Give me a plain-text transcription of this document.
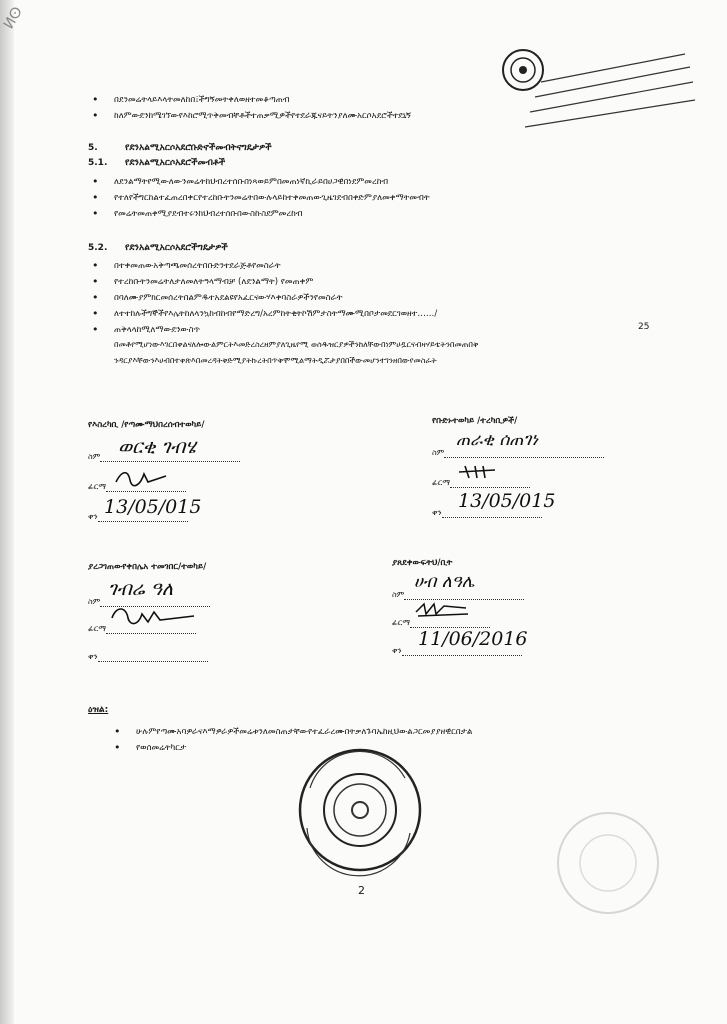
ⵍⵙ
• በደንመሬትላይእላትመለከበ፤ችግኝመትቀለወዘተመቆጣጠብ
• ከለምውደንከሜገኘውየእከሮሚጥቅመብቸቶችተጠቃሚዎችየተደራጁናይትንያለሙአርሶአደሮችተደኒኝ
5.	የደንአልሚአርሶአደሮቡድኖችመብትናግዴታዎች
5.1. የደንአልሚአርሶአደሮችመብቶች
• ለደንልማትየሚውለውንመሬትከህብረተሰቡበነጻወይምበመጠነኛኪራይበሀጋዊበነደምመረከብ
• የተለየችግርከልተፈጠረበቀርየተረከቡትንመሬትበውሉላይከተቀመጠውጊዜገደብበቀድምያለመቀማትመብት
• የመሬትመጠቀሚያደብተሩንከህብረተሰቡበውስኩስደምመረከብ
5.2. የደንአልሚአርሶአደሮችግዴታዎች
• በተቀመጠውአቅጣጫመሰረትበቡድንተደራጅቶየመስራት
• የተረከቡትንመሬትለታለመለትዓላማብቻ (ለደንልማት) የመጠቀም
• በባለሙያምክርመሰረትበልምዱተአደልዩየአፈርናውሃእቀባስራዎችንየመስራት
• ለተተከሉችግኞችየእሌትከለላንኳከብከብየማድረግ/አረምከትቂትኮሽምታስትማሙሚበቦታመደርገወዘተ……/
• ጠቅላላከሚለማውደንውስጥ	25
በመቶየሚሆነውእገርበቀልናለሎውልምርትእመድረስረዘምያለጊዜየሚ ወሰዱዝርያዎችንከለቸውበነምሀዷርናብዛሃይቴትንበመጠበቅ
ንዳርያእቸውንእሀብበተቀጽእበመረዳትቅድሚያትኩረትበጥቅሞሚልማትዲሯታያበበችውመሆንተገንዘበውየመስራት
የእስረካቢ /የጣሙማህበረሰብተወካይ/
ስም ወርቂ ገብሄ
ፊርማ
ቀን 13/05/015
የቡድኑተወካይ /ተረካቢዎች/
ስም
ጠራቂ ሰጠገነ
ፊርማ
ቀን
13/05/015
ያረጋገጠውየቀበሌአ ተመገበር/ተወካይ/
ስም
ገብሬ ዓለ
ፊርማ
ቀን
ያጸደቀውፍትህ/ቢት
ስም
ሀብ ለዓሌ
ፊርማ
ቀን
11/06/2016
ዕዝል:
• ሁሉምየጣሙአባዎራናእማዎራዎችመሬቱንለመስጠታቸውየተፈራረሙበትቃለጉባኤከዚህውልጋርመያያዘዊርበታል
• የወሰመሬትካርታ
2
